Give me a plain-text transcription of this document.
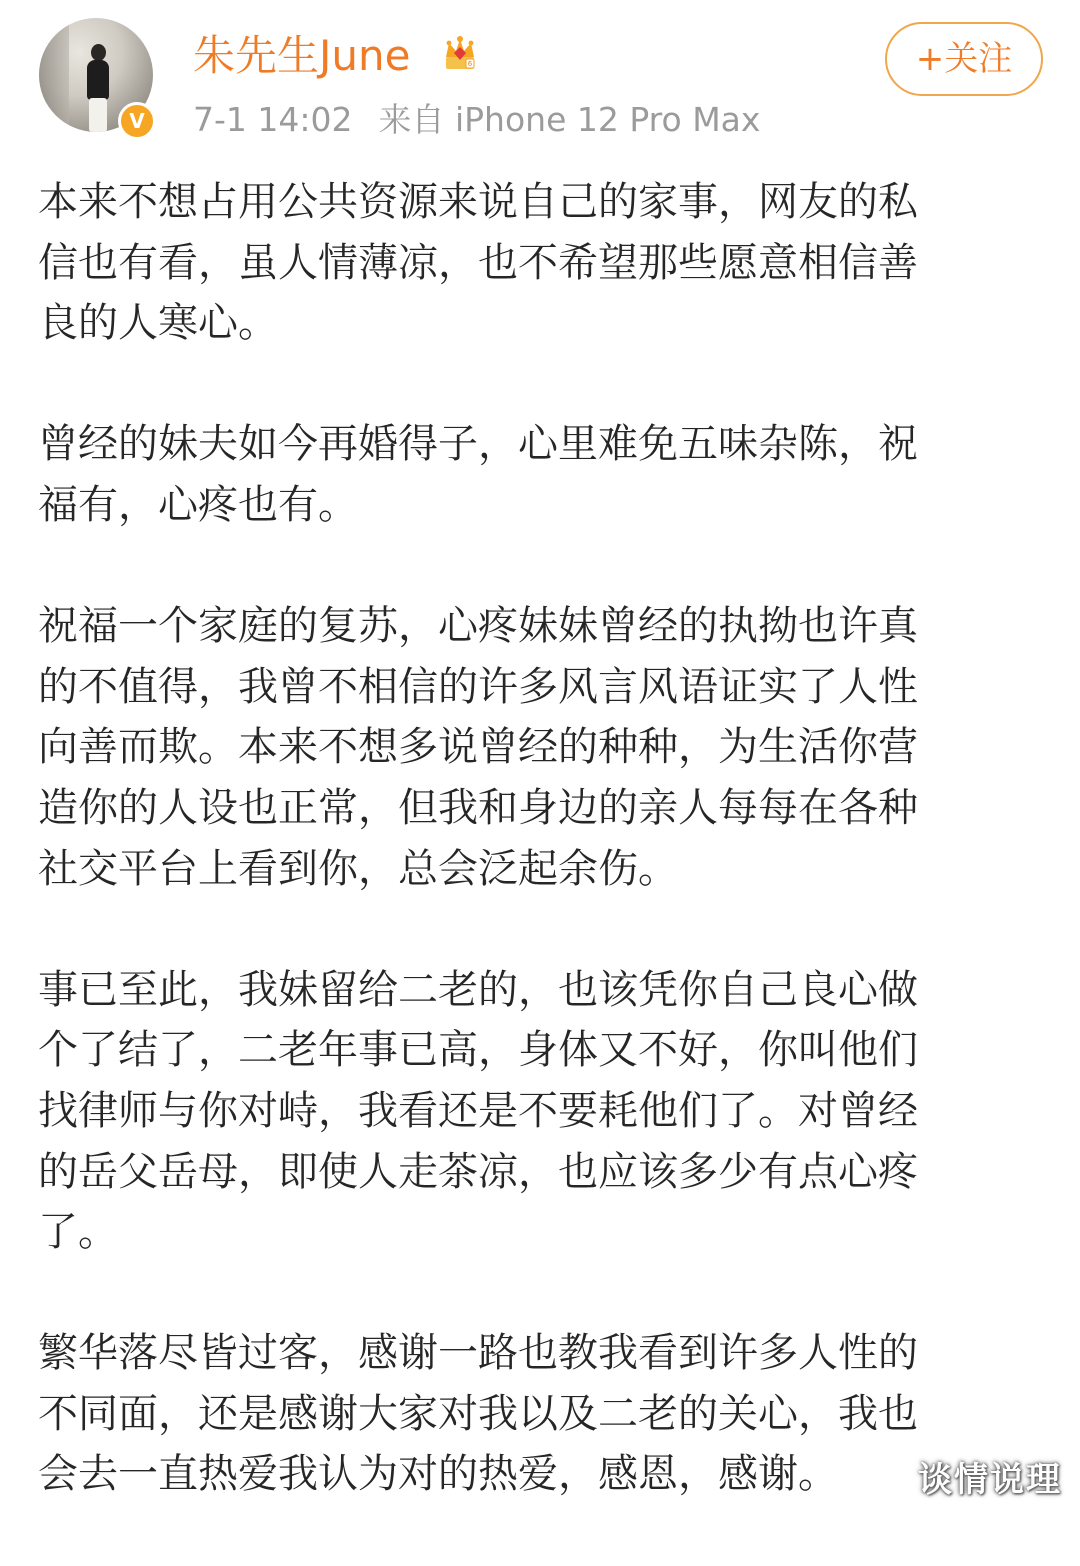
V
朱先生June	6
7-1 14:02 来自 iPhone 12 Pro Max
+关注
本来不想占用公共资源来说自己的家事，网友的私
信也有看，虽人情薄凉，也不希望那些愿意相信善
良的人寒心。
曾经的妹夫如今再婚得子，心里难免五味杂陈，祝
福有，心疼也有。
祝福一个家庭的复苏，心疼妹妹曾经的执拗也许真
的不值得，我曾不相信的许多风言风语证实了人性
向善而欺。本来不想多说曾经的种种，为生活你营
造你的人设也正常，但我和身边的亲人每每在各种
社交平台上看到你，总会泛起余伤。
事已至此，我妹留给二老的，也该凭你自己良心做
个了结了，二老年事已高，身体又不好，你叫他们
找律师与你对峙，我看还是不要耗他们了。对曾经
的岳父岳母，即使人走茶凉，也应该多少有点心疼
了。
繁华落尽皆过客，感谢一路也教我看到许多人性的
不同面，还是感谢大家对我以及二老的关心，我也
会去一直热爱我认为对的热爱，感恩，感谢。	谈情说理
